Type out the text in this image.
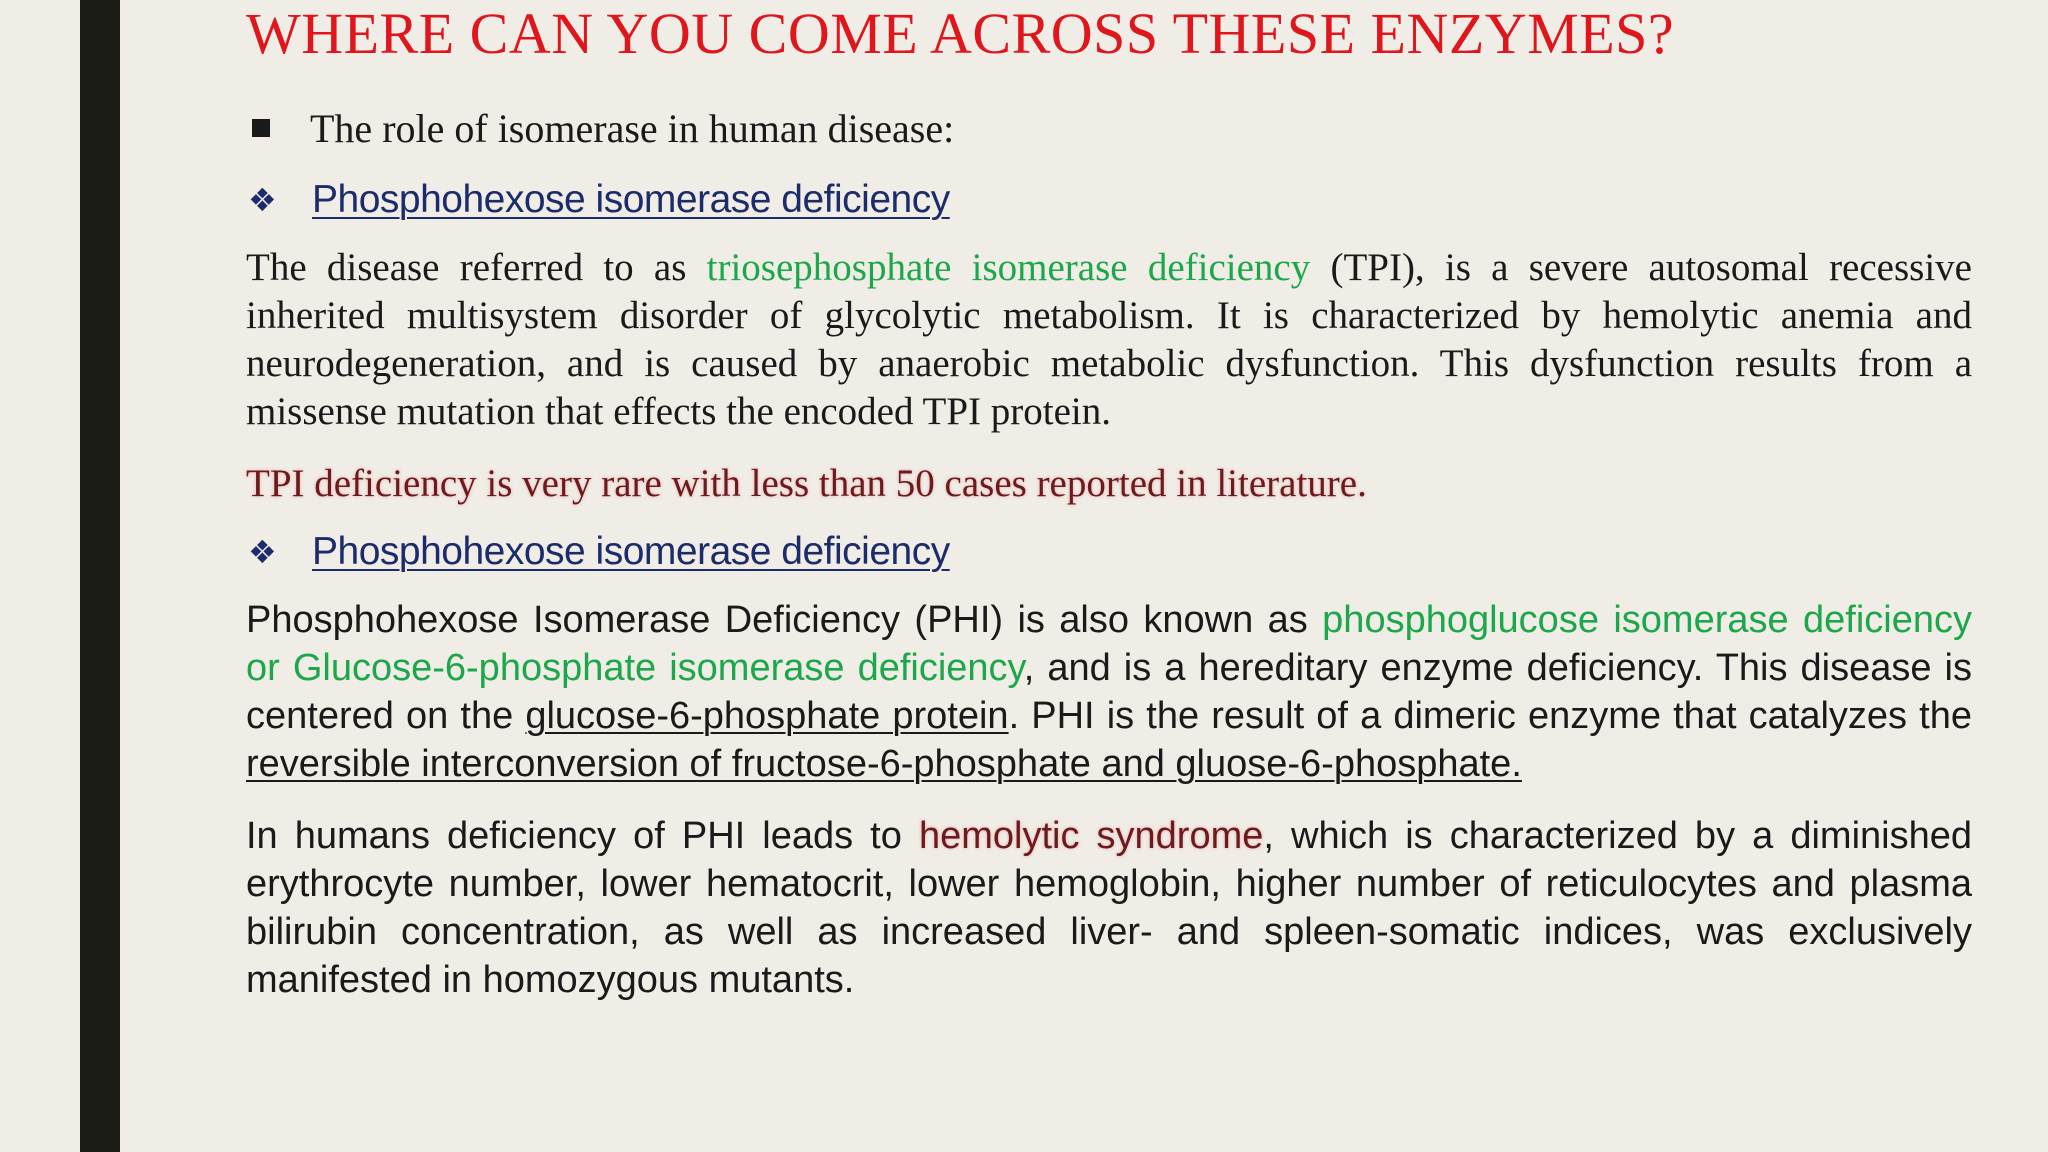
WHERE CAN YOU COME ACROSS THESE ENZYMES?
The role of isomerase in human disease:
❖ Phosphohexose isomerase deficiency

The disease referred to as triosephosphate isomerase deficiency (TPI), is a severe autosomal recessive inherited multisystem disorder of glycolytic metabolism. It is characterized by hemolytic anemia and neurodegeneration, and is caused by anaerobic metabolic dysfunction. This dysfunction results from a missense mutation that effects the encoded TPI protein.

TPI deficiency is very rare with less than 50 cases reported in literature.

❖ Phosphohexose isomerase deficiency

Phosphohexose Isomerase Deficiency (PHI) is also known as phosphoglucose isomerase deficiency or Glucose-6-phosphate isomerase deficiency, and is a hereditary enzyme deficiency. This disease is centered on the glucose-6-phosphate protein. PHI is the result of a dimeric enzyme that catalyzes the reversible interconversion of fructose-6-phosphate and gluose-6-phosphate.

In humans deficiency of PHI leads to hemolytic syndrome, which is characterized by a diminished erythrocyte number, lower hematocrit, lower hemoglobin, higher number of reticulocytes and plasma bilirubin concentration, as well as increased liver- and spleen-somatic indices, was exclusively manifested in homozygous mutants.
